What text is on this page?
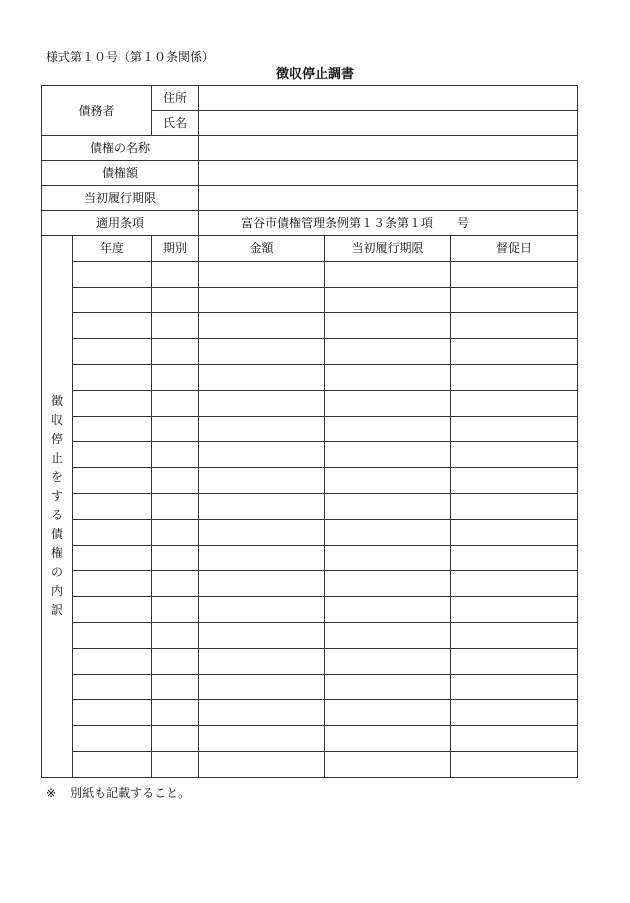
様式第１０号（第１０条関係）
徴収停止調書
債務者		住所			
		氏名			
債権の名称					
債権額					
当初履行期限					
適用条項			富谷市債権管理条例第１３条第１項 号		
徴収停止をする債権の内訳	年度	期別	金額	当初履行期限	督促日

※ 別紙も記載すること。
